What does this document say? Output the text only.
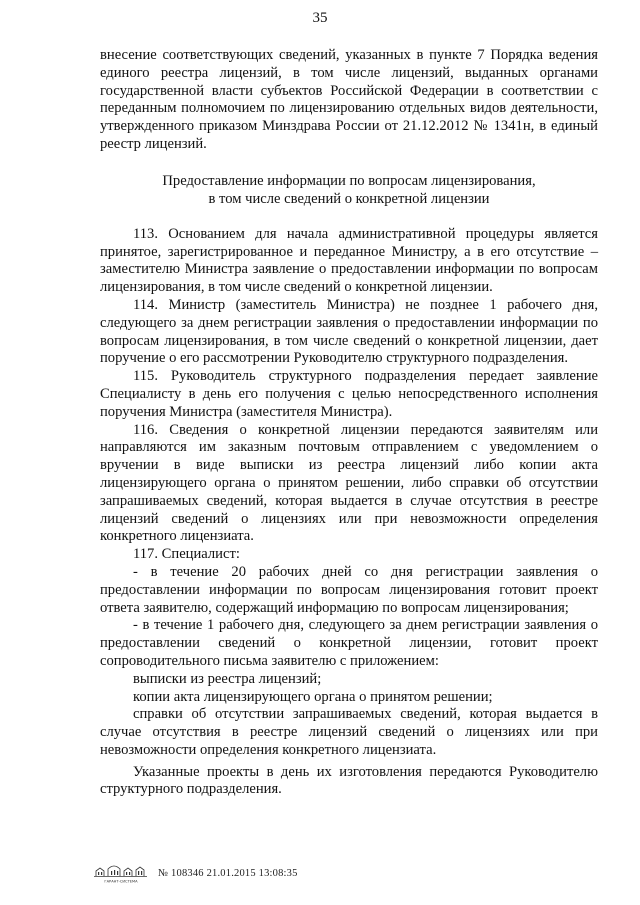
35

внесение соответствующих сведений, указанных в пункте 7 Порядка ведения единого реестра лицензий, в том числе лицензий, выданных органами государственной власти субъектов Российской Федерации в соответствии с переданным полномочием по лицензированию отдельных видов деятельности, утвержденного приказом Минздрава России от 21.12.2012 № 1341н, в единый реестр лицензий.

Предоставление информации по вопросам лицензирования,
в том числе сведений о конкретной лицензии

113. Основанием для начала административной процедуры является принятое, зарегистрированное и переданное Министру, а в его отсутствие – заместителю Министра заявление о предоставлении информации по вопросам лицензирования, в том числе сведений о конкретной лицензии.

114. Министр (заместитель Министра) не позднее 1 рабочего дня, следующего за днем регистрации заявления о предоставлении информации по вопросам лицензирования, в том числе сведений о конкретной лицензии, дает поручение о его рассмотрении Руководителю структурного подразделения.

115. Руководитель структурного подразделения передает заявление Специалисту в день его получения с целью непосредственного исполнения поручения Министра (заместителя Министра).

116. Сведения о конкретной лицензии передаются заявителям или направляются им заказным почтовым отправлением с уведомлением о вручении в виде выписки из реестра лицензий либо копии акта лицензирующего органа о принятом решении, либо справки об отсутствии запрашиваемых сведений, которая выдается в случае отсутствия в реестре лицензий сведений о лицензиях или при невозможности определения конкретного лицензиата.

117. Специалист:

- в течение 20 рабочих дней со дня регистрации заявления о предоставлении информации по вопросам лицензирования готовит проект ответа заявителю, содержащий информацию по вопросам лицензирования;

- в течение 1 рабочего дня, следующего за днем регистрации заявления о предоставлении сведений о конкретной лицензии, готовит проект сопроводительного письма заявителю с приложением:

выписки из реестра лицензий;

копии акта лицензирующего органа о принятом решении;

справки об отсутствии запрашиваемых сведений, которая выдается в случае отсутствия в реестре лицензий сведений о лицензиях или при невозможности определения конкретного лицензиата.

Указанные проекты в день их изготовления передаются Руководителю структурного подразделения.

ГАРАНТ-СИСТЕМА
№ 108346 21.01.2015 13:08:35
